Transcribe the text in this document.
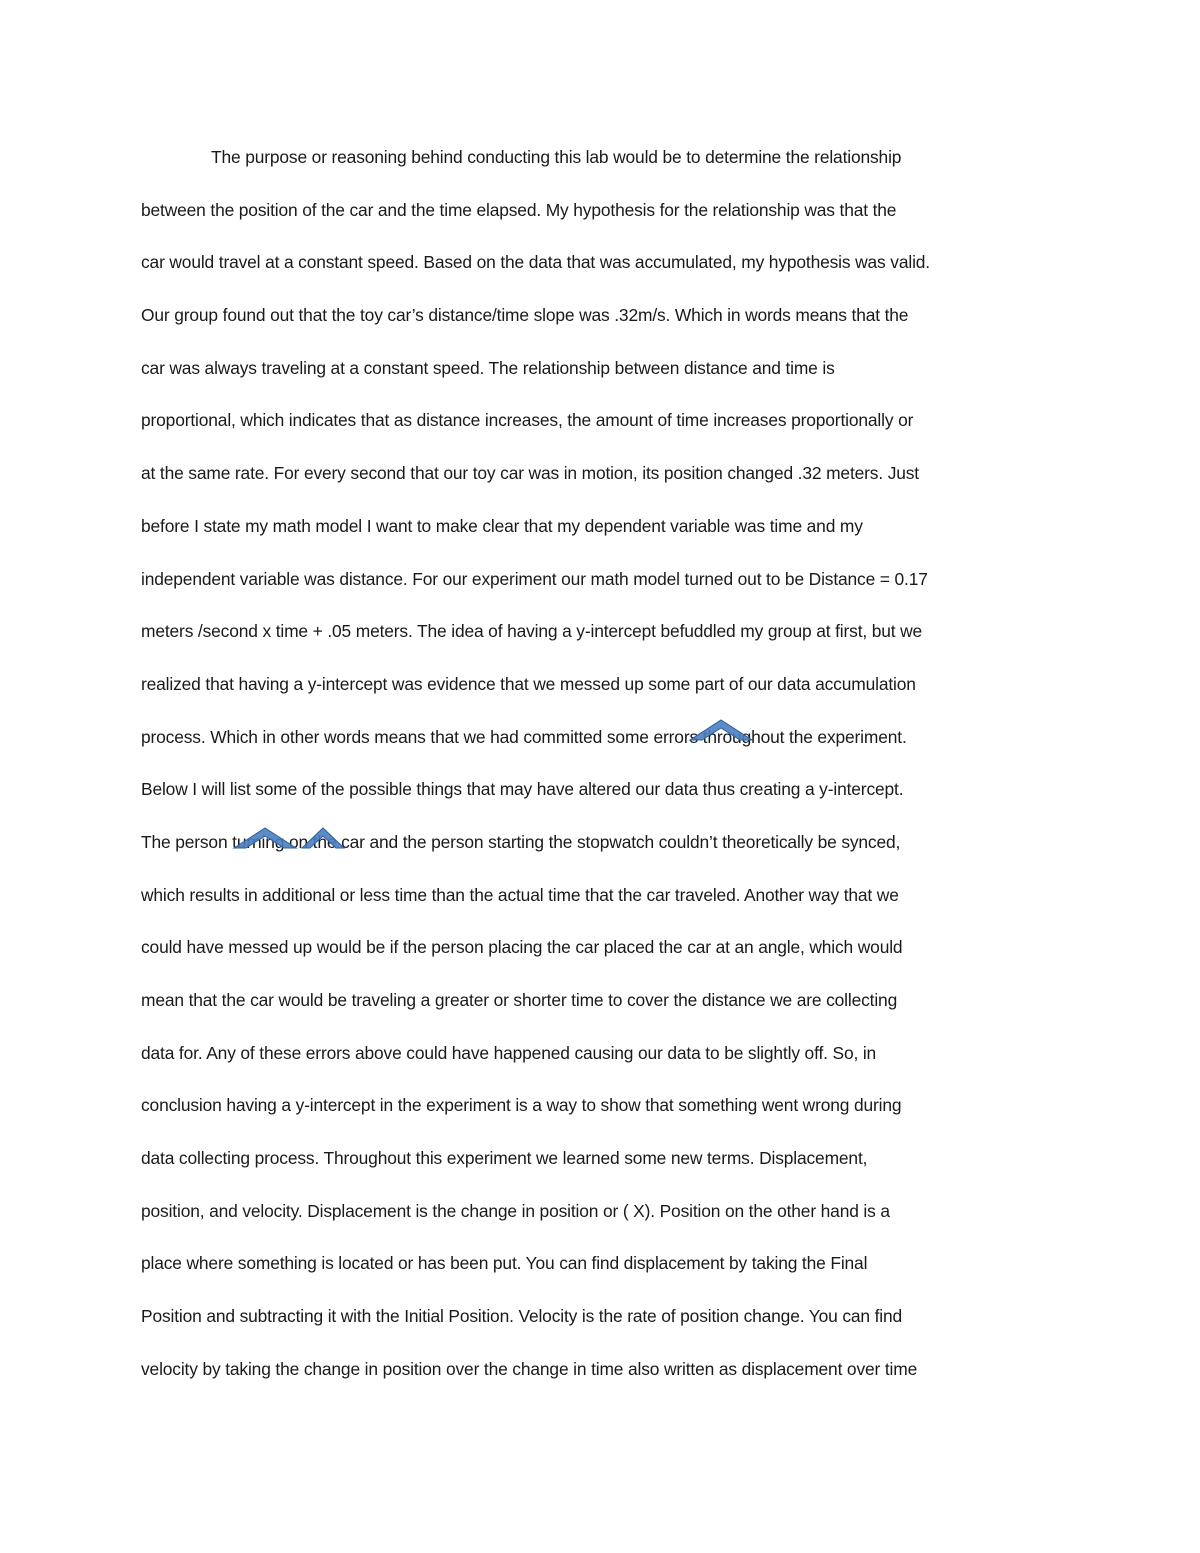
The purpose or reasoning behind conducting this lab would be to determine the relationship
between the position of the car and the time elapsed. My hypothesis for the relationship was that the
car would travel at a constant speed. Based on the data that was accumulated, my hypothesis was valid.
Our group found out that the toy car’s distance/time slope was .32m/s. Which in words means that the
car was always traveling at a constant speed. The relationship between distance and time is
proportional, which indicates that as distance increases, the amount of time increases proportionally or
at the same rate. For every second that our toy car was in motion, its position changed .32 meters. Just
before I state my math model I want to make clear that my dependent variable was time and my
independent variable was distance. For our experiment our math model turned out to be Distance = 0.17
meters /second x time + .05 meters. The idea of having a y-intercept befuddled my group at first, but we
realized that having a y-intercept was evidence that we messed up some part of our data accumulation
process. Which in other words means that we had committed some errors throughout the experiment.
Below I will list some of the possible things that may have altered our data thus creating a y-intercept.
The person turning on the car and the person starting the stopwatch couldn’t theoretically be synced,
which results in additional or less time than the actual time that the car traveled. Another way that we
could have messed up would be if the person placing the car placed the car at an angle, which would
mean that the car would be traveling a greater or shorter time to cover the distance we are collecting
data for. Any of these errors above could have happened causing our data to be slightly off. So, in
conclusion having a y-intercept in the experiment is a way to show that something went wrong during
data collecting process. Throughout this experiment we learned some new terms. Displacement,
position, and velocity. Displacement is the change in position or ( X). Position on the other hand is a
place where something is located or has been put. You can find displacement by taking the Final
Position and subtracting it with the Initial Position. Velocity is the rate of position change. You can find
velocity by taking the change in position over the change in time also written as displacement over time
